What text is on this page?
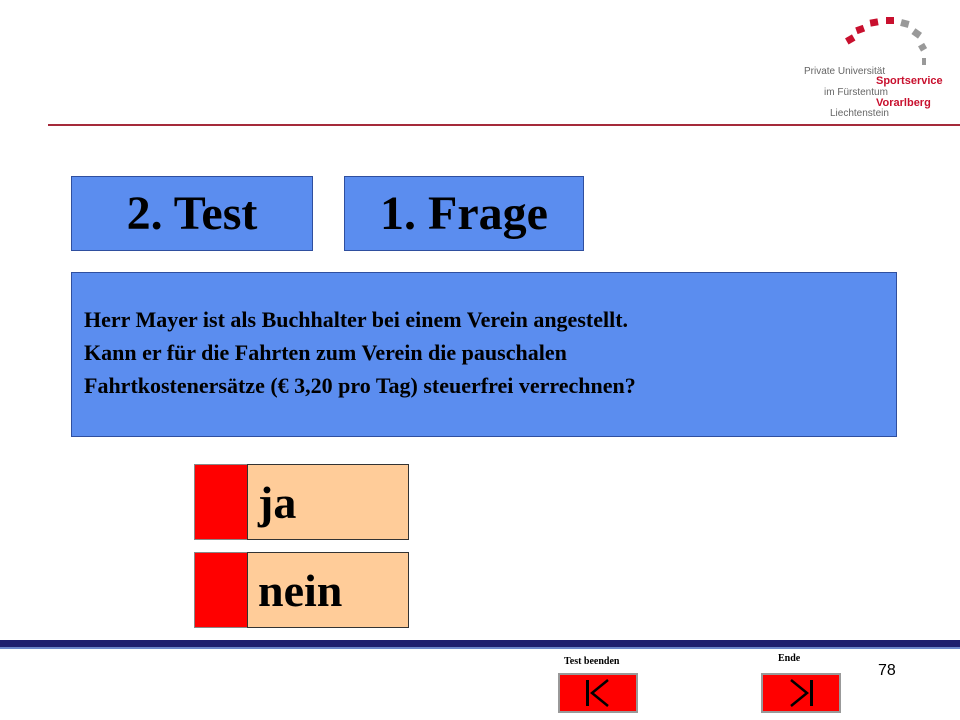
Private Universität
Sportservice
im Fürstentum
Vorarlberg
Liechtenstein
2. Test	1. Frage
Herr Mayer ist als Buchhalter bei einem Verein angestellt.
Kann er für die Fahrten zum Verein die pauschalen
Fahrtkostenersätze (€ 3,20 pro Tag) steuerfrei verrechnen?
ja
nein
Test beenden	Ende
78
